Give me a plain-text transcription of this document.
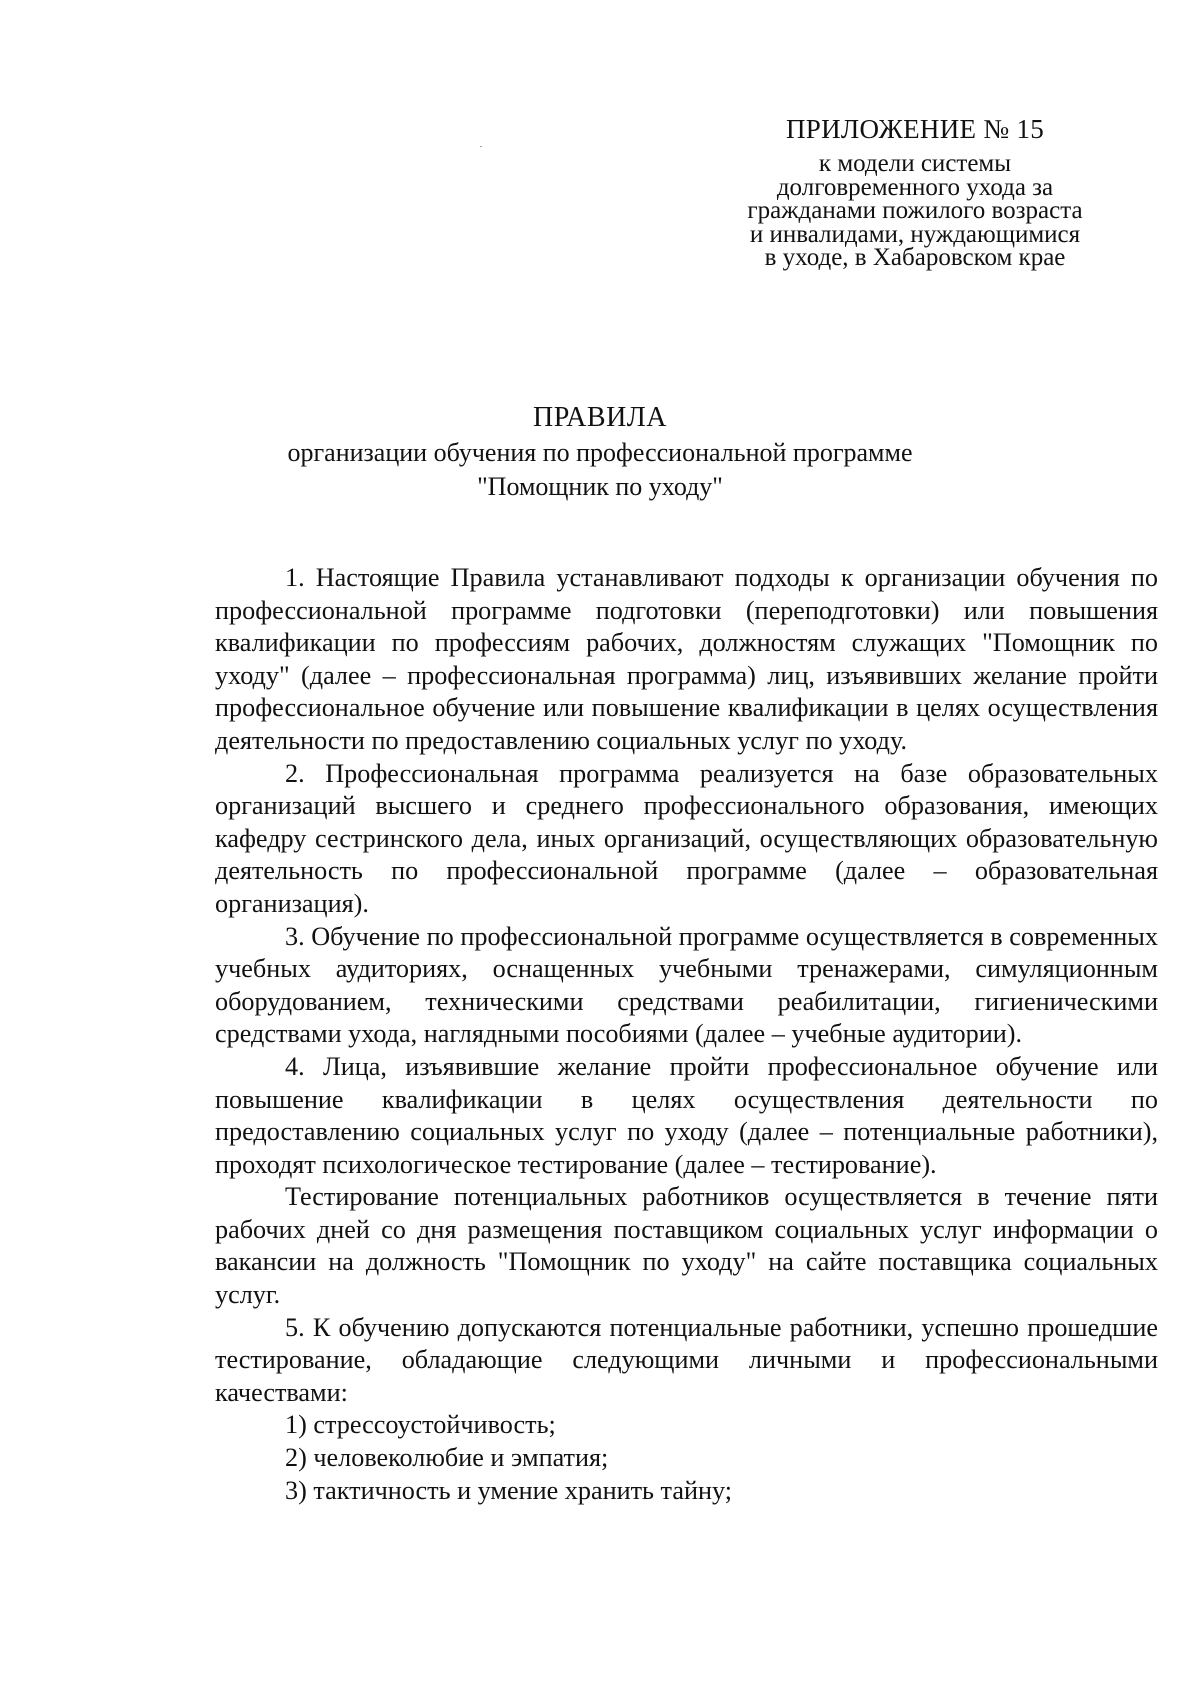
ПРИЛОЖЕНИЕ № 15
к модели системы
долговременного ухода за
гражданами пожилого возраста
и инвалидами, нуждающимися
в уходе, в Хабаровском крае
ПРАВИЛА
организации обучения по профессиональной программе
"Помощник по уходу"

1. Настоящие Правила устанавливают подходы к организации обучения по профессиональной программе подготовки (переподготовки) или повышения квалификации по профессиям рабочих, должностям служащих "Помощник по уходу" (далее – профессиональная программа) лиц, изъявивших желание пройти профессиональное обучение или повышение квалификации в целях осуществления деятельности по предоставлению социальных услуг по уходу.

2. Профессиональная программа реализуется на базе образовательных организаций высшего и среднего профессионального образования, имеющих кафедру сестринского дела, иных организаций, осуществляющих образовательную деятельность по профессиональной программе (далее – образовательная организация).

3. Обучение по профессиональной программе осуществляется в современных учебных аудиториях, оснащенных учебными тренажерами, симуляционным оборудованием, техническими средствами реабилитации, гигиеническими средствами ухода, наглядными пособиями (далее – учебные аудитории).

4. Лица, изъявившие желание пройти профессиональное обучение или повышение квалификации в целях осуществления деятельности по предоставлению социальных услуг по уходу (далее – потенциальные работники), проходят психологическое тестирование (далее – тестирование).

Тестирование потенциальных работников осуществляется в течение пяти рабочих дней со дня размещения поставщиком социальных услуг информации о вакансии на должность "Помощник по уходу" на сайте поставщика социальных услуг.

5. К обучению допускаются потенциальные работники, успешно прошедшие тестирование, обладающие следующими личными и профессиональными качествами:

1) стрессоустойчивость;

2) человеколюбие и эмпатия;

3) тактичность и умение хранить тайну;
